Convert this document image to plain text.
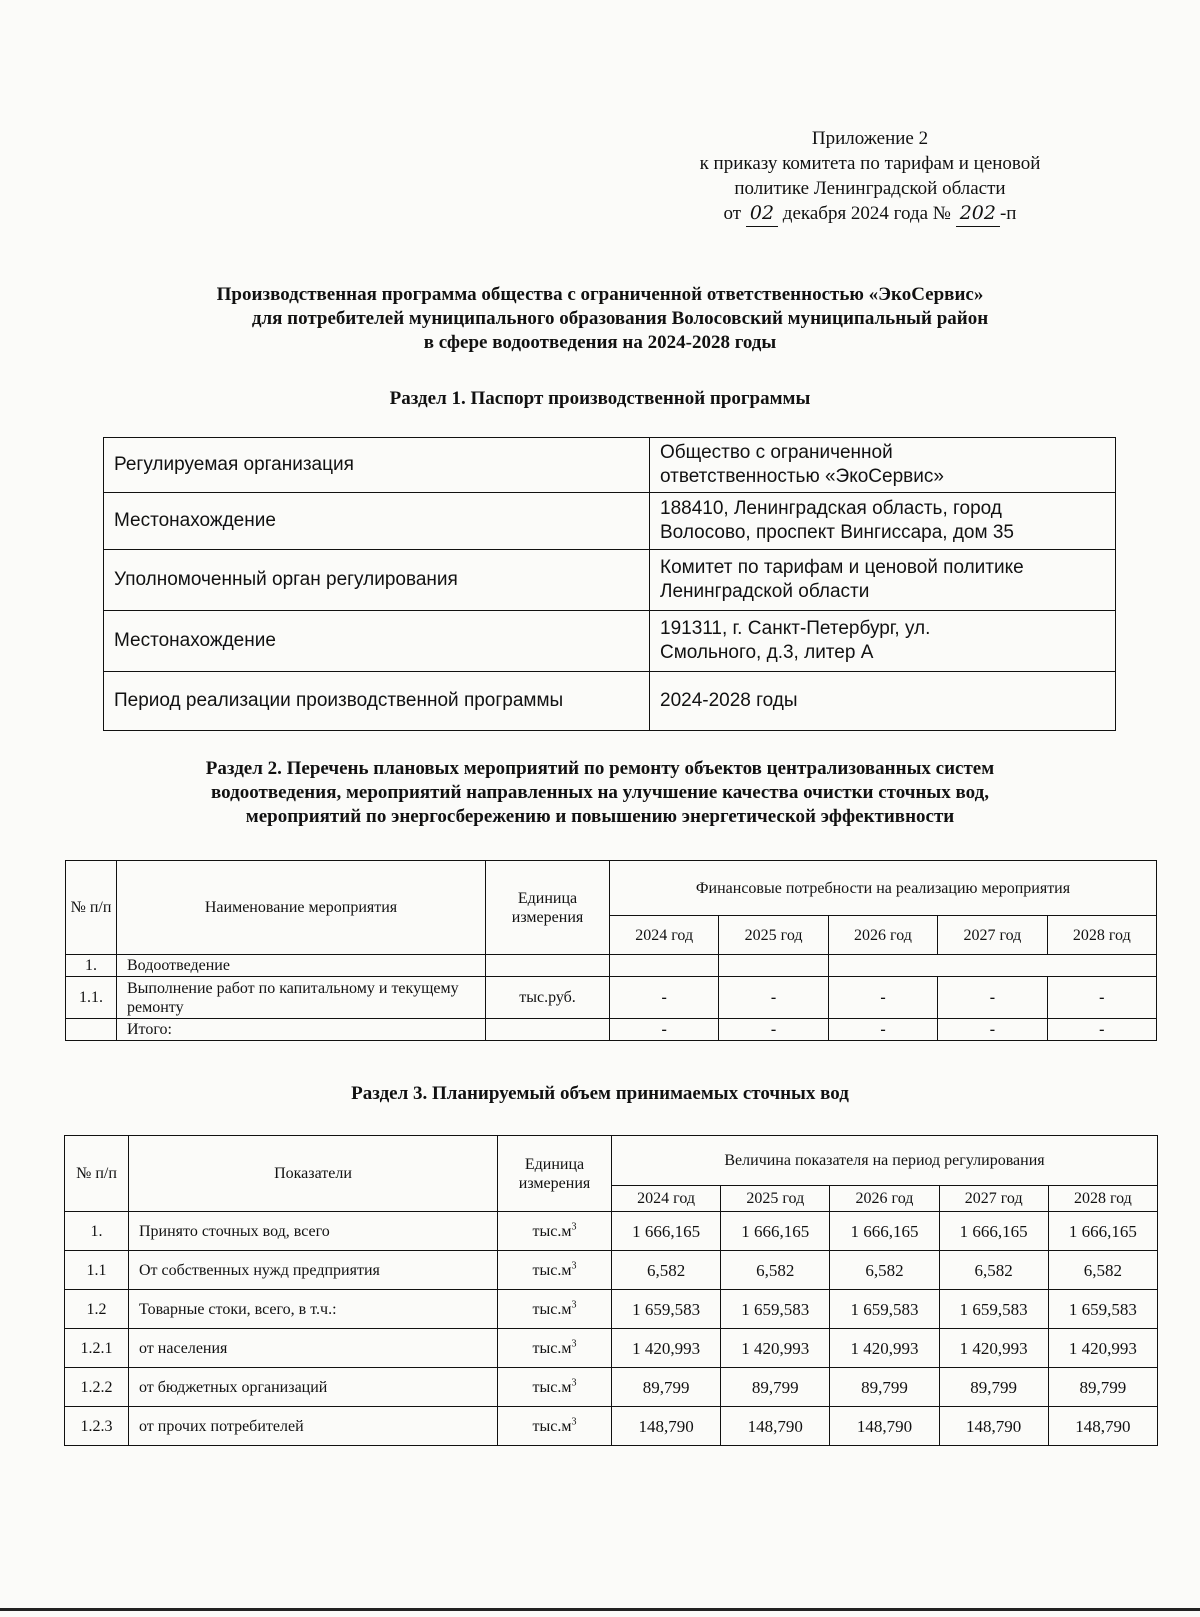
Приложение 2
к приказу комитета по тарифам и ценовой
политике Ленинградской области
от 02 декабря 2024 года № 202 -п
Производственная программа общества с ограниченной ответственностью «ЭкоСервис»
для потребителей муниципального образования Волосовский муниципальный район
в сфере водоотведения на 2024-2028 годы
Раздел 1. Паспорт производственной программы
Регулируемая организация	Общество с ограниченной
ответственностью «ЭкоСервис»
Местонахождение	188410, Ленинградская область, город
Волосово, проспект Вингиссара, дом 35
Уполномоченный орган регулирования	Комитет по тарифам и ценовой политике
Ленинградской области
Местонахождение	191311, г. Санкт-Петербург, ул.
Смольного, д.3, литер А
Период реализации производственной программы	2024-2028 годы
Раздел 2. Перечень плановых мероприятий по ремонту объектов централизованных систем
водоотведения, мероприятий направленных на улучшение качества очистки сточных вод,
мероприятий по энергосбережению и повышению энергетической эффективности
№ п/п	Наименование мероприятия	Единица измерения	Финансовые потребности на реализацию мероприятия				
			2024 год	2025 год	2026 год	2027 год	2028 год
1.	Водоотведение						
1.1.	Выполнение работ по капитальному и текущему ремонту	тыс.руб.	-	-	-	-	-
	Итого:		-	-	-	-	-
Раздел 3. Планируемый объем принимаемых сточных вод
№ п/п	Показатели	Единица измерения	Величина показателя на период регулирования				
			2024 год	2025 год	2026 год	2027 год	2028 год
1.	Принято сточных вод, всего	$тыс.м^3$	1 666,165	1 666,165	1 666,165	1 666,165	1 666,165
1.1	От собственных нужд предприятия	$тыс.м^3$	6,582	6,582	6,582	6,582	6,582
1.2	Товарные стоки, всего, в т.ч.:	$тыс.м^3$	1 659,583	1 659,583	1 659,583	1 659,583	1 659,583
1.2.1	от населения	$тыс.м^3$	1 420,993	1 420,993	1 420,993	1 420,993	1 420,993
1.2.2	от бюджетных организаций	$тыс.м^3$	89,799	89,799	89,799	89,799	89,799
1.2.3	от прочих потребителей	$тыс.м^3$	148,790	148,790	148,790	148,790	148,790
